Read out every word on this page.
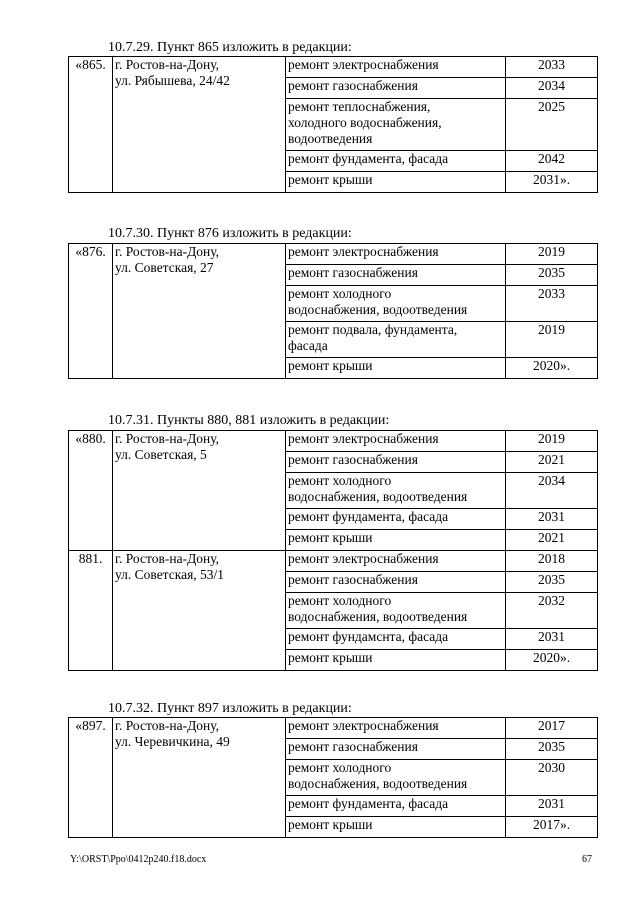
10.7.29. Пункт 865 изложить в редакции:
«865.	г. Ростов-на-Дону,
ул. Рябышева, 24/42	ремонт электроснабжения	2033

		ремонт газоснабжения	2034

		ремонт теплоснабжения,
холодного водоснабжения,
водоотведения	2025

		ремонт фундамента, фасада	2042

		ремонт крыши	2031».
10.7.30. Пункт 876 изложить в редакции:
«876.	г. Ростов-на-Дону,
ул. Советская, 27	ремонт электроснабжения	2019

		ремонт газоснабжения	2035

		ремонт холодного
водоснабжения, водоотведения	2033

		ремонт подвала, фундамента,
фасада	2019

		ремонт крыши	2020».
10.7.31. Пункты 880, 881 изложить в редакции:
«880.	г. Ростов-на-Дону,
ул. Советская, 5	ремонт электроснабжения	2019

		ремонт газоснабжения	2021

		ремонт холодного
водоснабжения, водоотведения	2034

		ремонт фундамента, фасада	2031

		ремонт крыши	2021
881.	г. Ростов-на-Дону,
ул. Советская, 53/1	ремонт электроснабжения	2018

		ремонт газоснабжения	2035

		ремонт холодного
водоснабжения, водоотведения	2032

		ремонт фундамснта, фасада	2031

		ремонт крыши	2020».
10.7.32. Пункт 897 изложить в редакции:
«897.	г. Ростов-на-Дону,
ул. Черевичкина, 49	ремонт электроснабжения	2017

		ремонт газоснабжения	2035

		ремонт холодного
водоснабжения, водоотведения	2030

		ремонт фундамента, фасада	2031

		ремонт крыши	2017».
Y:\ORST\Ppo\0412p240.f18.docx	67
